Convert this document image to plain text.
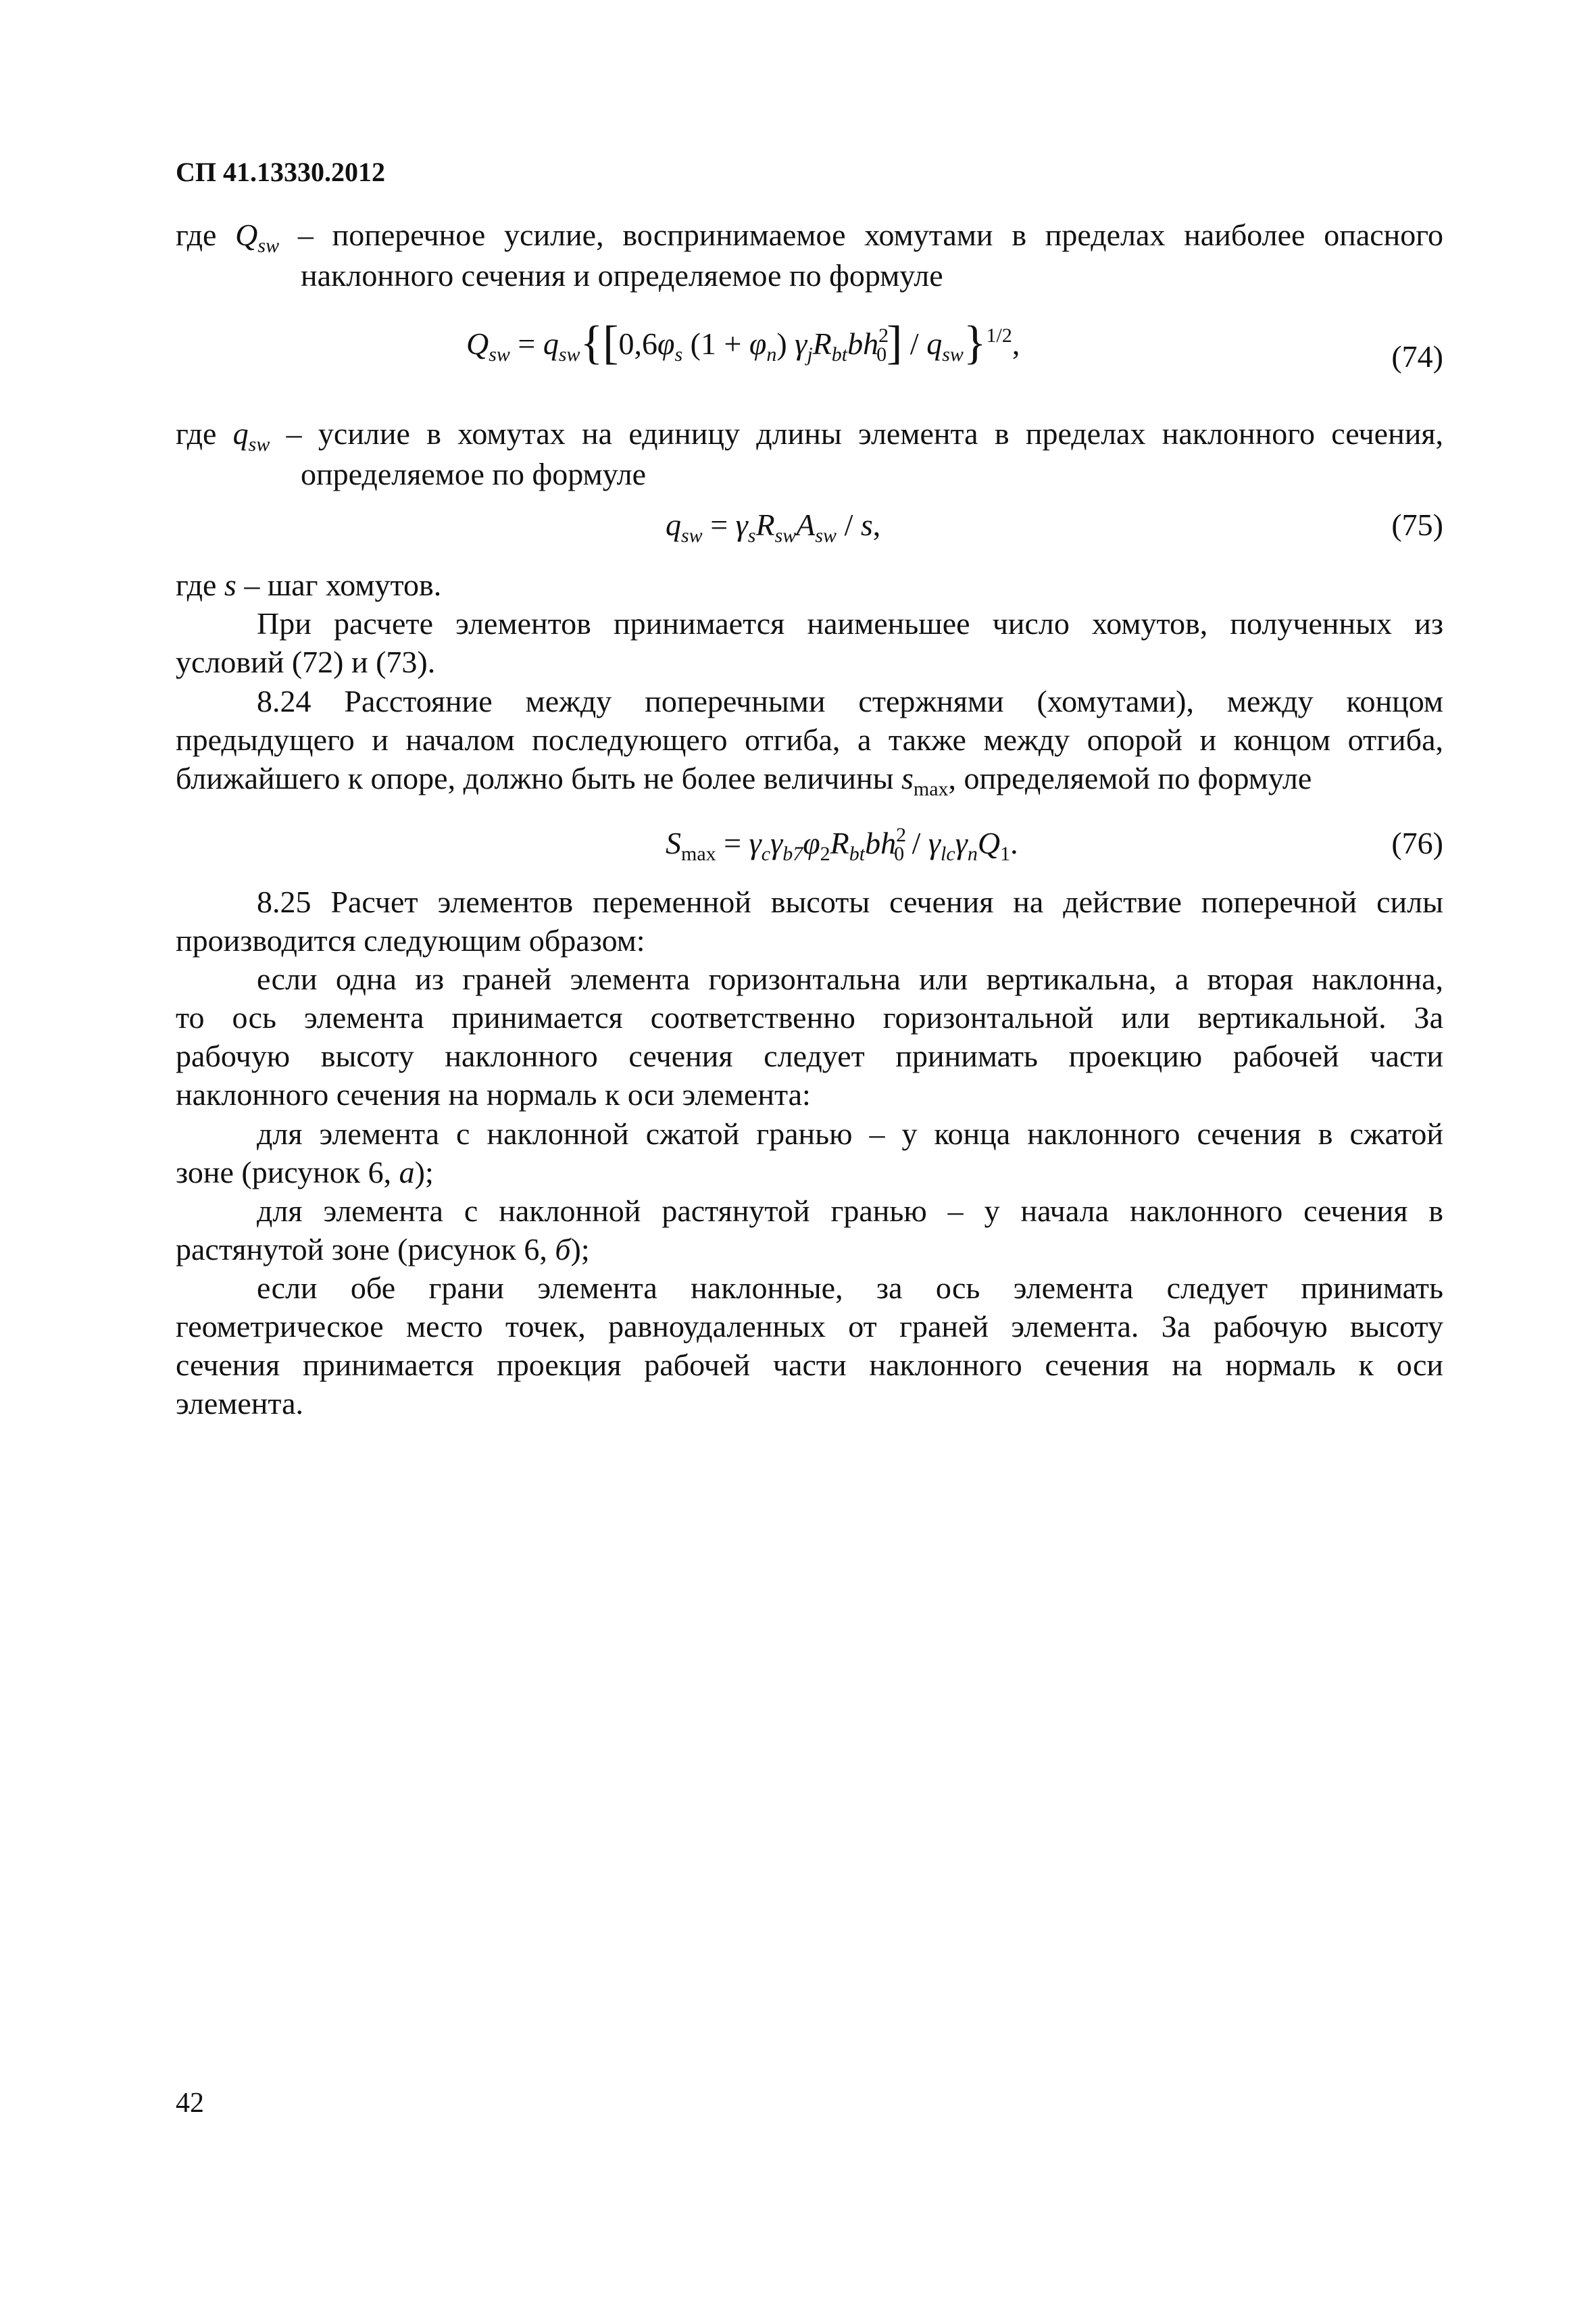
СП 41.13330.2012
где $Q_{sw}$ – поперечное усилие, воспринимаемое хомутами в пределах наиболее опасного
наклонного сечения и определяемое по формуле
$Q_{sw} = q_{sw}\{[0,6\varphi_s$ $(1 + \varphi_n)$ $\gamma_jR_{bt}bh^2_0] / q_{sw}\}^{1/2}$,	(74)
где $q_{sw}$ – усилие в хомутах на единицу длины элемента в пределах наклонного сечения,
определяемое по формуле
$q_{sw} = \gamma_sR_{sw}A_{sw} / s$,	(75)
где s – шаг хомутов.
При расчете элементов принимается наименьшее число хомутов, полученных из
условий (72) и (73).
8.24 Расстояние между поперечными стержнями (хомутами), между концом
предыдущего и началом последующего отгиба, а также между опорой и концом отгиба,
ближайшего к опоре, должно быть не более величины $s_{max}$, определяемой по формуле
$S_{max} = \gamma_c\gamma_{b7}\varphi_2R_{bt}bh^2_0 / \gamma_{lc}\gamma_nQ_1$.	(76)
8.25 Расчет элементов переменной высоты сечения на действие поперечной силы
производится следующим образом:
если одна из граней элемента горизонтальна или вертикальна, а вторая наклонна,
то ось элемента принимается соответственно горизонтальной или вертикальной. За
рабочую высоту наклонного сечения следует принимать проекцию рабочей части
наклонного сечения на нормаль к оси элемента:
для элемента с наклонной сжатой гранью – у конца наклонного сечения в сжатой
зоне (рисунок 6, а);
для элемента с наклонной растянутой гранью – у начала наклонного сечения в
растянутой зоне (рисунок 6, б);
если обе грани элемента наклонные, за ось элемента следует принимать
геометрическое место точек, равноудаленных от граней элемента. За рабочую высоту
сечения принимается проекция рабочей части наклонного сечения на нормаль к оси
элемента.
42
